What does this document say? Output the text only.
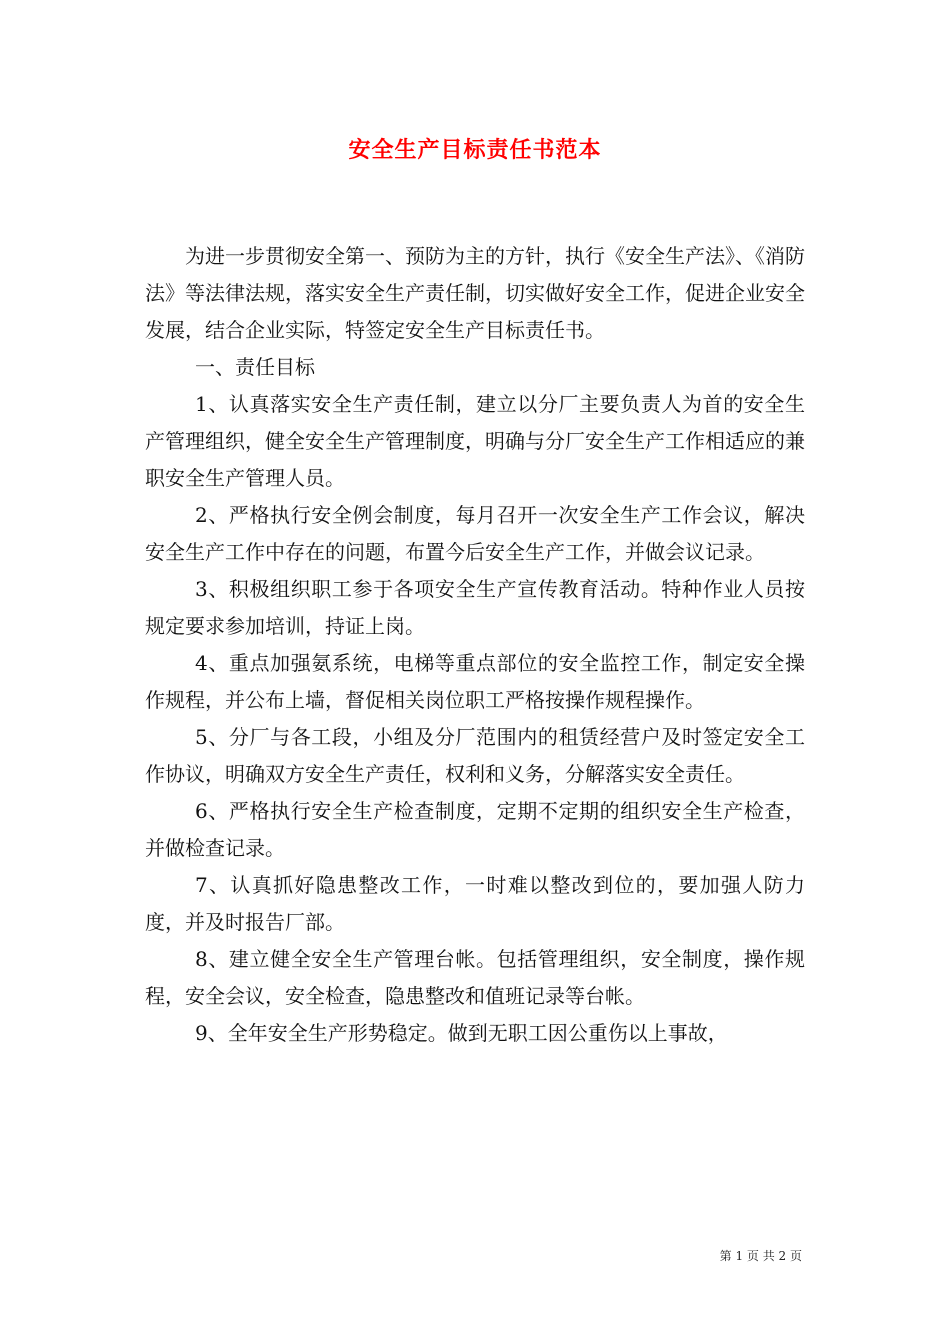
安全生产目标责任书范本

为进一步贯彻安全第一、预防为主的方针，执行《安全生产法》、《消防法》等法律法规，落实安全生产责任制，切实做好安全工作，促进企业安全发展，结合企业实际，特签定安全生产目标责任书。

一、责任目标

1、认真落实安全生产责任制，建立以分厂主要负责人为首的安全生产管理组织，健全安全生产管理制度，明确与分厂安全生产工作相适应的兼职安全生产管理人员。

2、严格执行安全例会制度，每月召开一次安全生产工作会议，解决安全生产工作中存在的问题，布置今后安全生产工作，并做会议记录。

3、积极组织职工参于各项安全生产宣传教育活动。特种作业人员按规定要求参加培训，持证上岗。

4、重点加强氨系统，电梯等重点部位的安全监控工作，制定安全操作规程，并公布上墙，督促相关岗位职工严格按操作规程操作。

5、分厂与各工段，小组及分厂范围内的租赁经营户及时签定安全工作协议，明确双方安全生产责任，权利和义务，分解落实安全责任。

6、严格执行安全生产检查制度，定期不定期的组织安全生产检查，并做检查记录。

7、认真抓好隐患整改工作，一时难以整改到位的，要加强人防力度，并及时报告厂部。

8、建立健全安全生产管理台帐。包括管理组织，安全制度，操作规程，安全会议，安全检查，隐患整改和值班记录等台帐。

9、全年安全生产形势稳定。做到无职工因公重伤以上事故，

第 1 页 共 2 页
